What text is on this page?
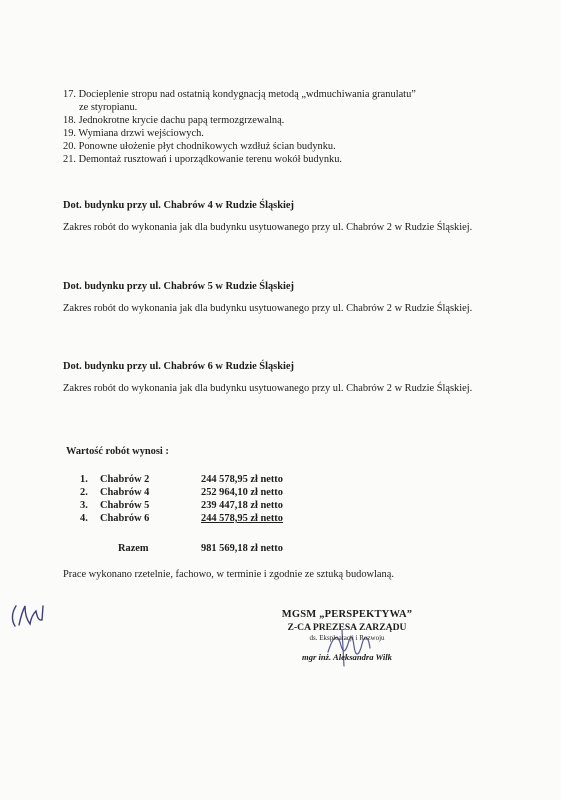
17. Docieplenie stropu nad ostatnią kondygnacją metodą „wdmuchiwania granulatu”
ze styropianu.
18. Jednokrotne krycie dachu papą termozgrzewalną.
19. Wymiana drzwi wejściowych.
20. Ponowne ułożenie płyt chodnikowych wzdłuż ścian budynku.
21. Demontaż rusztowań i uporządkowanie terenu wokół budynku.
Dot. budynku przy ul. Chabrów 4 w Rudzie Śląskiej
Zakres robót do wykonania jak dla budynku usytuowanego przy ul. Chabrów 2 w Rudzie Śląskiej.
Dot. budynku przy ul. Chabrów 5 w Rudzie Śląskiej
Zakres robót do wykonania jak dla budynku usytuowanego przy ul. Chabrów 2 w Rudzie Śląskiej.
Dot. budynku przy ul. Chabrów 6 w Rudzie Śląskiej
Zakres robót do wykonania jak dla budynku usytuowanego przy ul. Chabrów 2 w Rudzie Śląskiej.
Wartość robót wynosi :
1. Chabrów 2	244 578,95 zł netto
2. Chabrów 4	252 964,10 zł netto
3. Chabrów 5	239 447,18 zł netto
4. Chabrów 6	244 578,95 zł netto
Razem	981 569,18 zł netto
Prace wykonano rzetelnie, fachowo, w terminie i zgodnie ze sztuką budowlaną.
MGSM „PERSPEKTYWA”
Z-CA PREZESA ZARZĄDU
ds. Eksploatacji i Rozwoju
mgr inż. Aleksandra Wilk
